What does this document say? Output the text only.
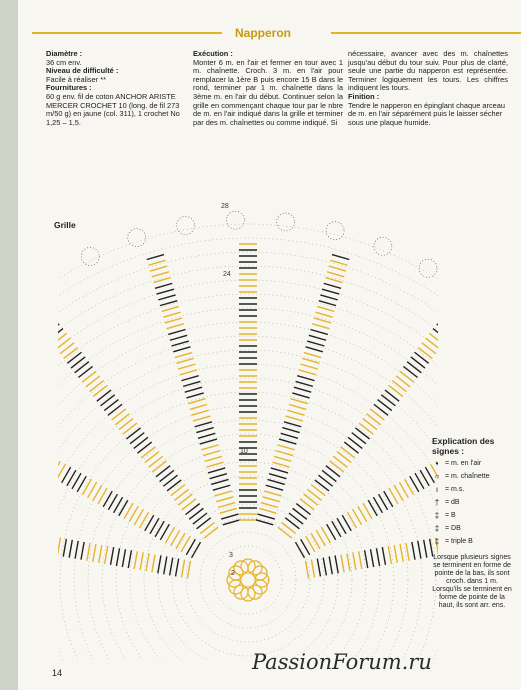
Napperon
Diamètre :
36 cm env.
Niveau de difficulté :
Facile à réaliser **
Fournitures :
60 g env. fil de coton ANCHOR ARISTE MERCER CROCHET 10 (long. de fil 273 m/50 g) en jaune (col. 311), 1 crochet No 1,25 – 1,5.
Exécution :
Monter 6 m. en l'air et fermer en tour avec 1 m. chaînette. Croch. 3 m. en l'air pour remplacer la 1ère B puis encore 15 B dans le rond, terminer par 1 m. chaînette dans la 3ème m. en l'air du début. Continuer selon la grille en commençant chaque tour par le nbre de m. en l'air indiqué dans la grille et terminer par des m. chaînettes ou comme indiqué. Si
nécessaire, avancer avec des m. chaînettes jusqu'au début du tour suiv. Pour plus de clarté, seule une partie du napperon est représentée. Terminer logiquement les tours. Les chiffres indiquent les tours.
Finition :
Tendre le napperon en épinglant chaque arceau de m. en l'air séparément puis le laisser sécher sous une plaque humide.
Grille
28
24
10
3
2
Explication des signes :
• = m. en l'air
○ = m. chaînette
ı = m.s.
† = dB
‡ = B
‡ = DB
‡ = triple B
Lorsque plusieurs signes se terminent en forme de pointe de la bas, ils sont croch. dans 1 m. Lorsqu'ils se terminent en forme de pointe de la haut, ils sont arr. ens.
14	PassionForum.ru
